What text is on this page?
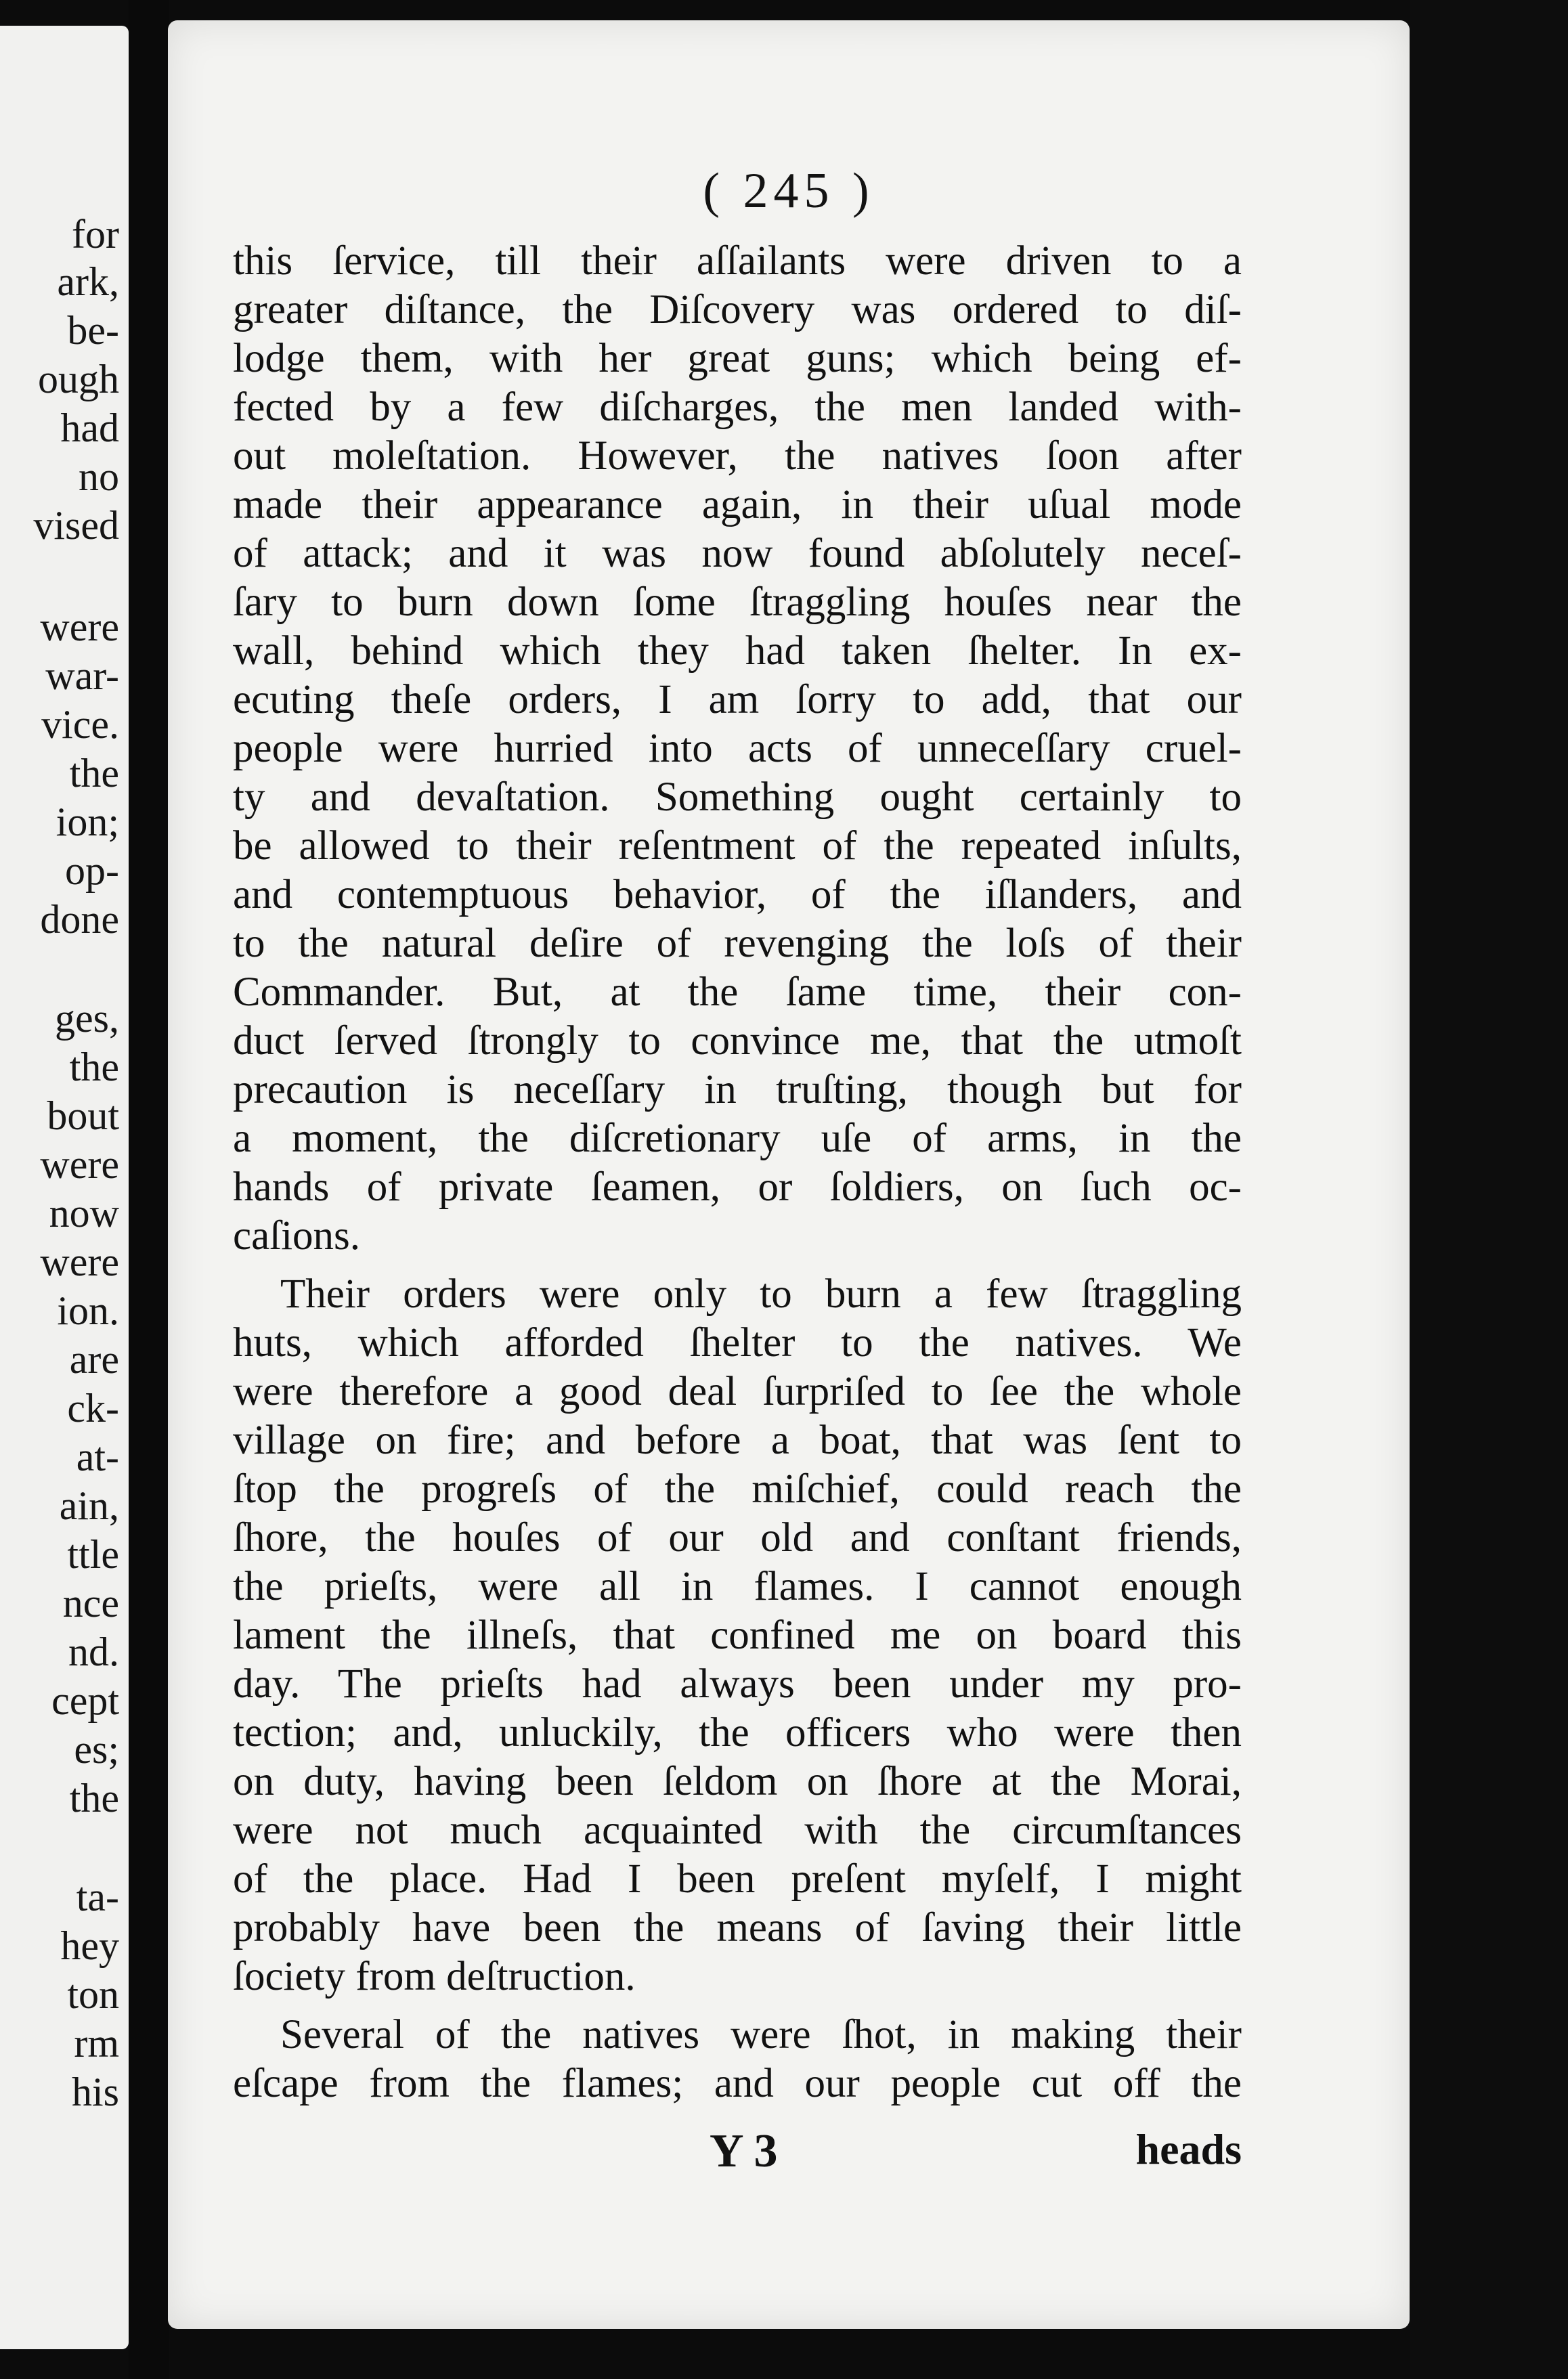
for
ark,
be-
ough
had
no
vised
were
war-
vice.
the
ion;
op-
done
ges,
the
bout
were
now
were
ion.
are
ck-
at-
ain,
ttle
nce
nd.
cept
es;
the
ta-
hey
ton
rm
his
( 245 )
this ſervice, till their aſſailants were driven to a
greater diſtance, the Diſcovery was ordered to diſ-
lodge them, with her great guns; which being ef-
fected by a few diſcharges, the men landed with-
out moleſtation. However, the natives ſoon after
made their appearance again, in their uſual mode
of attack; and it was now found abſolutely neceſ-
ſary to burn down ſome ſtraggling houſes near the
wall, behind which they had taken ſhelter. In ex-
ecuting theſe orders, I am ſorry to add, that our
people were hurried into acts of unneceſſary cruel-
ty and devaſtation. Something ought certainly to
be allowed to their reſentment of the repeated inſults,
and contemptuous behavior, of the iſlanders, and
to the natural deſire of revenging the loſs of their
Commander. But, at the ſame time, their con-
duct ſerved ſtrongly to convince me, that the utmoſt
precaution is neceſſary in truſting, though but for
a moment, the diſcretionary uſe of arms, in the
hands of private ſeamen, or ſoldiers, on ſuch oc-
caſions.
Their orders were only to burn a few ſtraggling
huts, which afforded ſhelter to the natives. We
were therefore a good deal ſurpriſed to ſee the whole
village on fire; and before a boat, that was ſent to
ſtop the progreſs of the miſchief, could reach the
ſhore, the houſes of our old and conſtant friends,
the prieſts, were all in flames. I cannot enough
lament the illneſs, that confined me on board this
day. The prieſts had always been under my pro-
tection; and, unluckily, the officers who were then
on duty, having been ſeldom on ſhore at the Morai,
were not much acquainted with the circumſtances
of the place. Had I been preſent myſelf, I might
probably have been the means of ſaving their little
ſociety from deſtruction.
Several of the natives were ſhot, in making their
eſcape from the flames; and our people cut off the
Y 3	heads
